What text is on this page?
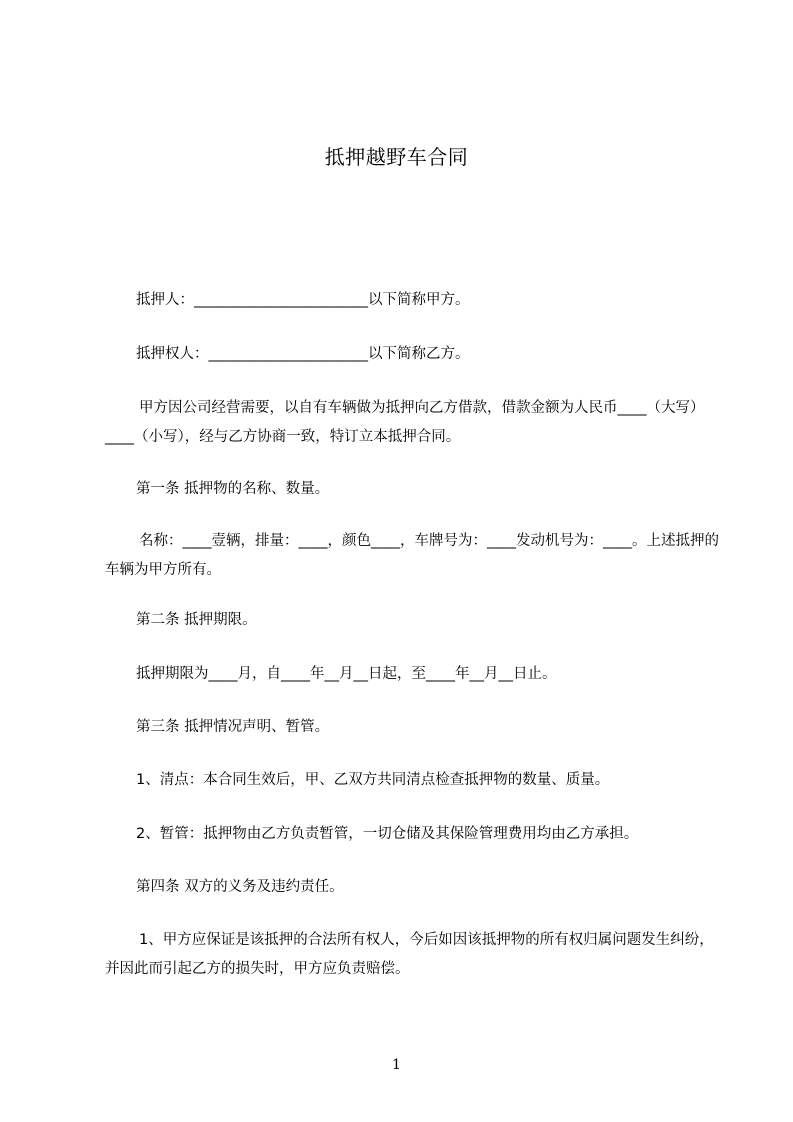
抵押越野车合同
抵押人：________________________以下简称甲方。
抵押权人：______________________以下简称乙方。
甲方因公司经营需要，以自有车辆做为抵押向乙方借款，借款金额为人民币____（大写）____（小写），经与乙方协商一致，特订立本抵押合同。
第一条 抵押物的名称、数量。
名称：____壹辆，排量：____，颜色____，车牌号为：____发动机号为：____。上述抵押的车辆为甲方所有。
第二条 抵押期限。
抵押期限为____月，自____年__月__日起，至____年__月__日止。
第三条 抵押情况声明、暂管。
1、清点：本合同生效后，甲、乙双方共同清点检查抵押物的数量、质量。
2、暂管：抵押物由乙方负责暂管，一切仓储及其保险管理费用均由乙方承担。
第四条 双方的义务及违约责任。
1、甲方应保证是该抵押的合法所有权人，今后如因该抵押物的所有权归属问题发生纠纷，并因此而引起乙方的损失时，甲方应负责赔偿。
1
